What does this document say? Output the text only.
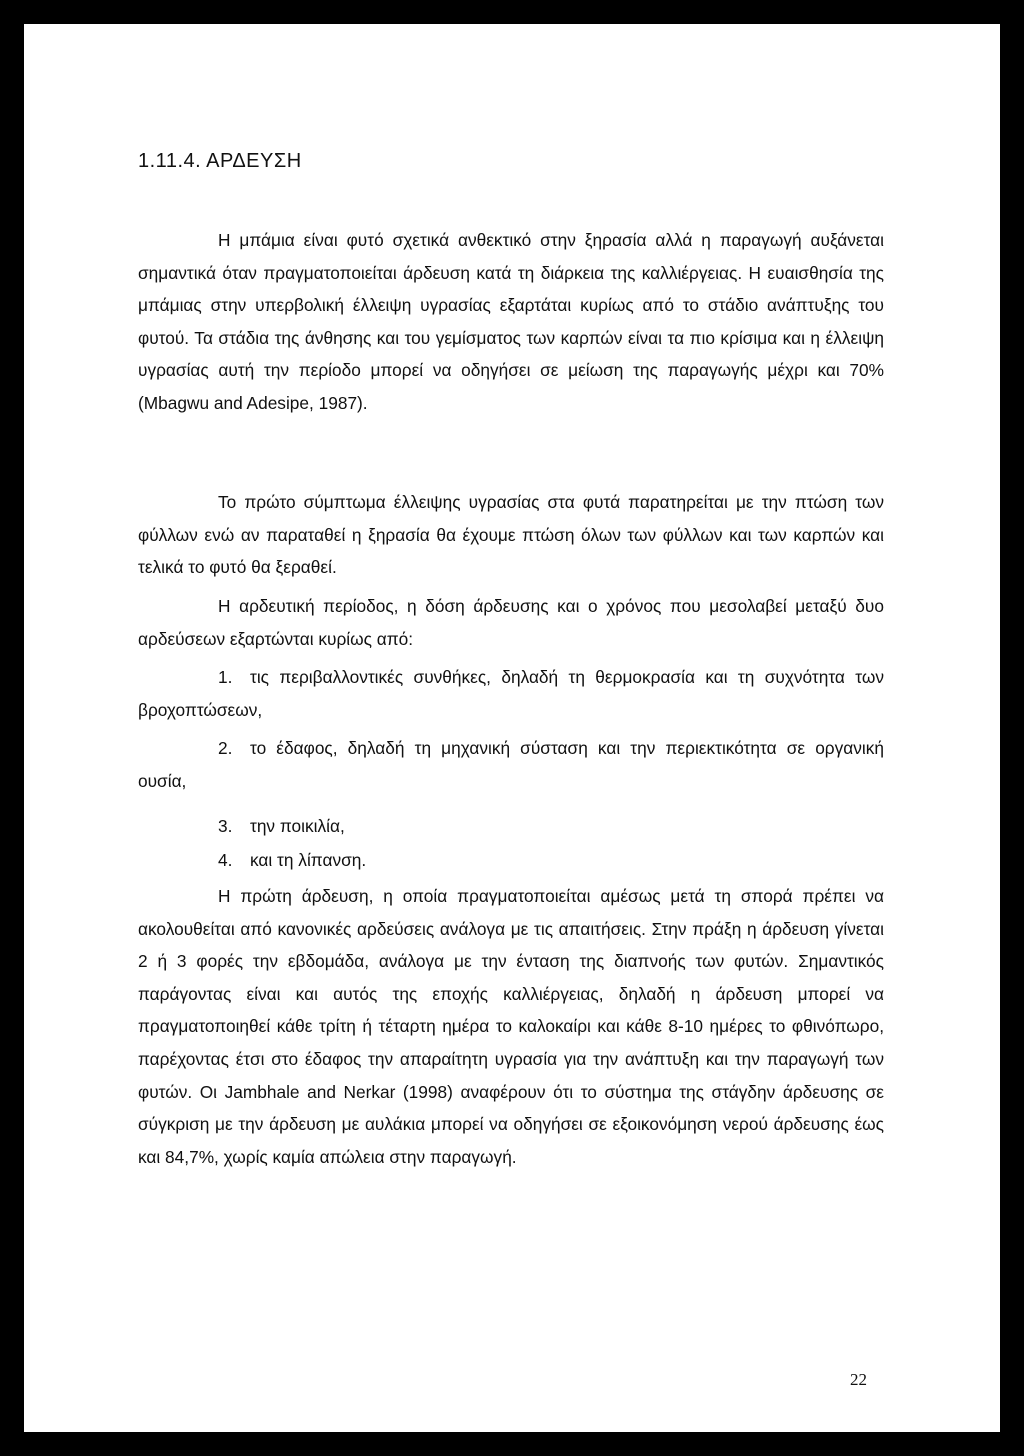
1.11.4. ΑΡΔΕΥΣΗ

Η μπάμια είναι φυτό σχετικά ανθεκτικό στην ξηρασία αλλά η παραγωγή αυξάνεται σημαντικά όταν πραγματοποιείται άρδευση κατά τη διάρκεια της καλλιέργειας. Η ευαισθησία της μπάμιας στην υπερβολική έλλειψη υγρασίας εξαρτάται κυρίως από το στάδιο ανάπτυξης του φυτού. Τα στάδια της άνθησης και του γεμίσματος των καρπών είναι τα πιο κρίσιμα και η έλλειψη υγρασίας αυτή την περίοδο μπορεί να οδηγήσει σε μείωση της παραγωγής μέχρι και 70% (Mbagwu and Adesipe, 1987).

Το πρώτο σύμπτωμα έλλειψης υγρασίας στα φυτά παρατηρείται με την πτώση των φύλλων ενώ αν παραταθεί η ξηρασία θα έχουμε πτώση όλων των φύλλων και των καρπών και τελικά το φυτό θα ξεραθεί.

Η αρδευτική περίοδος, η δόση άρδευσης και ο χρόνος που μεσολαβεί μεταξύ δυο αρδεύσεων εξαρτώνται κυρίως από:

1. τις περιβαλλοντικές συνθήκες, δηλαδή τη θερμοκρασία και τη συχνότητα των βροχοπτώσεων,

2. το έδαφος, δηλαδή τη μηχανική σύσταση και την περιεκτικότητα σε οργανική ουσία,

3. την ποικιλία,

4. και τη λίπανση.

Η πρώτη άρδευση, η οποία πραγματοποιείται αμέσως μετά τη σπορά πρέπει να ακολουθείται από κανονικές αρδεύσεις ανάλογα με τις απαιτήσεις. Στην πράξη η άρδευση γίνεται 2 ή 3 φορές την εβδομάδα, ανάλογα με την ένταση της διαπνοής των φυτών. Σημαντικός παράγοντας είναι και αυτός της εποχής καλλιέργειας, δηλαδή η άρδευση μπορεί να πραγματοποιηθεί κάθε τρίτη ή τέταρτη ημέρα το καλοκαίρι και κάθε 8-10 ημέρες το φθινόπωρο, παρέχοντας έτσι στο έδαφος την απαραίτητη υγρασία για την ανάπτυξη και την παραγωγή των φυτών. Οι Jambhale and Nerkar (1998) αναφέρουν ότι το σύστημα της στάγδην άρδευσης σε σύγκριση με την άρδευση με αυλάκια μπορεί να οδηγήσει σε εξοικονόμηση νερού άρδευσης έως και 84,7%, χωρίς καμία απώλεια στην παραγωγή.

22
